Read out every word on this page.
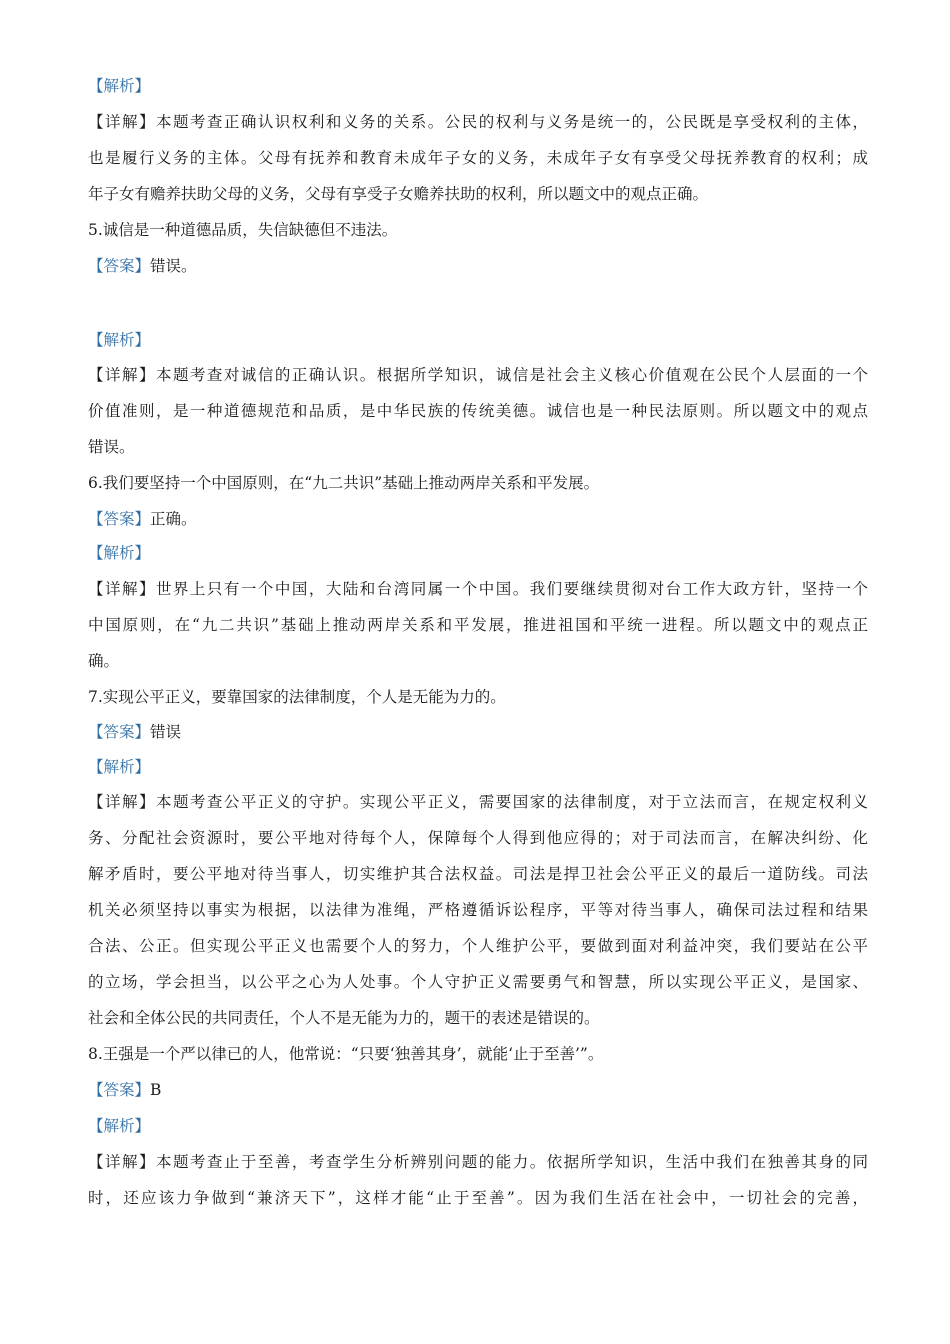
【解析】
【详解】本题考查正确认识权利和义务的关系。公民的权利与义务是统一的，公民既是享受权利的主体，
也是履行义务的主体。父母有抚养和教育未成年子女的义务，未成年子女有享受父母抚养教育的权利；成
年子女有赡养扶助父母的义务，父母有享受子女赡养扶助的权利，所以题文中的观点正确。
5.诚信是一种道德品质，失信缺德但不违法。
【答案】错误。
【解析】
【详解】本题考查对诚信的正确认识。根据所学知识，诚信是社会主义核心价值观在公民个人层面的一个
价值准则，是一种道德规范和品质，是中华民族的传统美德。诚信也是一种民法原则。所以题文中的观点
错误。
6.我们要坚持一个中国原则，在“九二共识”基础上推动两岸关系和平发展。
【答案】正确。
【解析】
【详解】世界上只有一个中国，大陆和台湾同属一个中国。我们要继续贯彻对台工作大政方针，坚持一个
中国原则，在“九二共识”基础上推动两岸关系和平发展，推进祖国和平统一进程。所以题文中的观点正
确。
7.实现公平正义，要靠国家的法律制度，个人是无能为力的。
【答案】错误
【解析】
【详解】本题考查公平正义的守护。实现公平正义，需要国家的法律制度，对于立法而言，在规定权利义
务、分配社会资源时，要公平地对待每个人，保障每个人得到他应得的；对于司法而言，在解决纠纷、化
解矛盾时，要公平地对待当事人，切实维护其合法权益。司法是捍卫社会公平正义的最后一道防线。司法
机关必须坚持以事实为根据，以法律为准绳，严格遵循诉讼程序，平等对待当事人，确保司法过程和结果
合法、公正。但实现公平正义也需要个人的努力，个人维护公平，要做到面对利益冲突，我们要站在公平
的立场，学会担当，以公平之心为人处事。个人守护正义需要勇气和智慧，所以实现公平正义，是国家、
社会和全体公民的共同责任，个人不是无能为力的，题干的表述是错误的。
8.王强是一个严以律已的人，他常说：“只要‘独善其身’，就能‘止于至善’”。
【答案】B
【解析】
【详解】本题考查止于至善，考查学生分析辨别问题的能力。依据所学知识，生活中我们在独善其身的同
时，还应该力争做到“兼济天下”，这样才能“止于至善”。因为我们生活在社会中，一切社会的完善，
